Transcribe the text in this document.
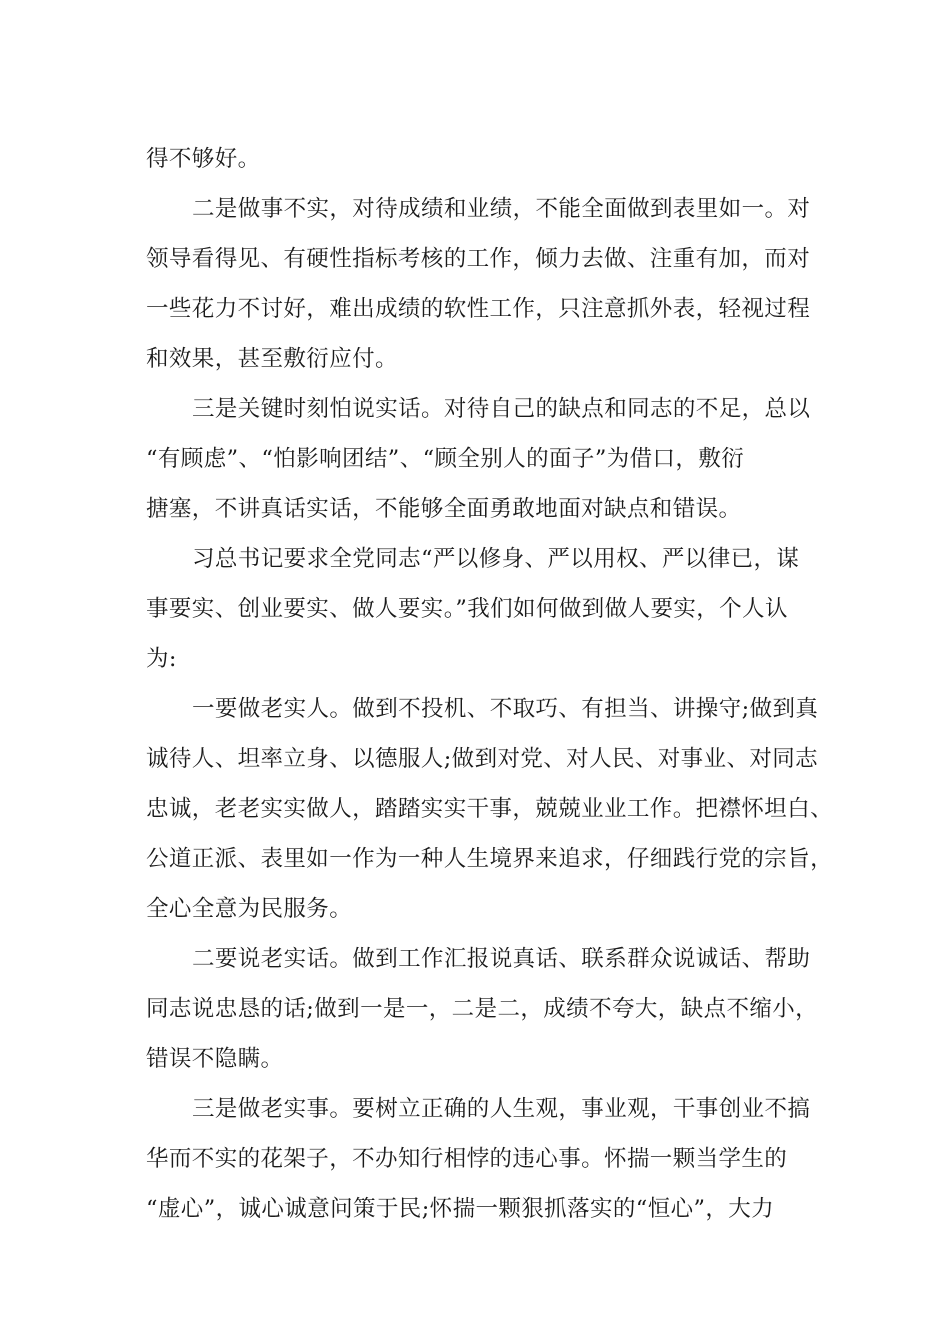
得不够好。
二是做事不实，对待成绩和业绩，不能全面做到表里如一。对
领导看得见、有硬性指标考核的工作，倾力去做、注重有加，而对
一些花力不讨好，难出成绩的软性工作，只注意抓外表，轻视过程
和效果，甚至敷衍应付。
三是关键时刻怕说实话。对待自己的缺点和同志的不足，总以
“有顾虑”、“怕影响团结”、“顾全别人的面子”为借口，敷衍
搪塞，不讲真话实话，不能够全面勇敢地面对缺点和错误。
习总书记要求全党同志“严以修身、严以用权、严以律已，谋
事要实、创业要实、做人要实。”我们如何做到做人要实，个人认
为:
一要做老实人。做到不投机、不取巧、有担当、讲操守;做到真
诚待人、坦率立身、以德服人;做到对党、对人民、对事业、对同志
忠诚，老老实实做人，踏踏实实干事，兢兢业业工作。把襟怀坦白、
公道正派、表里如一作为一种人生境界来追求，仔细践行党的宗旨，
全心全意为民服务。
二要说老实话。做到工作汇报说真话、联系群众说诚话、帮助
同志说忠恳的话;做到一是一，二是二，成绩不夸大，缺点不缩小，
错误不隐瞒。
三是做老实事。要树立正确的人生观，事业观，干事创业不搞
华而不实的花架子，不办知行相悖的违心事。怀揣一颗当学生的
“虚心”，诚心诚意问策于民;怀揣一颗狠抓落实的“恒心”，大力
